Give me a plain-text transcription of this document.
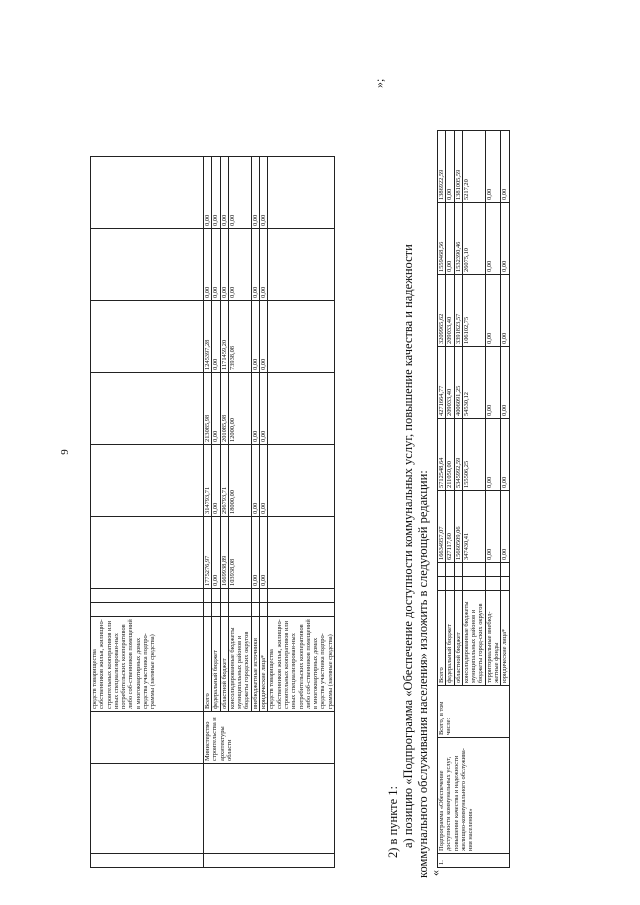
9
			средств товарищества собственников жилья, жилищно-строительных кооперативов или иных специализирован-ных потребительских кооперативов либо соб-ственников помещений в многоквартирных домах средства участника подпро-граммы (заемные средства)								
		Министерство строительства и архитектуры области	Всего			1775276,97	314793,71	213085,98	1245397,28	0,00	0,00
			федеральный бюджет			0,00	0,00	0,00	0,00	0,00	0,00
			областной бюджет			1669938,89	296793,71	201085,98	1171459,20	0,00	0,00
			консолидированные бюджеты муниципальных районов и бюджеты городских округов			103938,08	18000,00	12000,00	73938,08	0,00	0,00
			внебюджетные источники			0,00	0,00	0,00	0,00	0,00	0,00
			юридические лица*			0,00	0,00	0,00	0,00	0,00	0,00
			средств товарищества собственников жилья, жилищно-строительных кооперативов или иных специализирован-ных потребительских кооперативов либо соб-ственников помещений в многоквартирных домах средства участника подпро-граммы (заемные средства)								
»;
2) в пункте 1: а) позицию «Подпрограмма «Обеспечение доступности коммунальных услуг, повышение качества и надежности коммунального обслуживания населения» изложить в следующей редакции:
«
1.	Подпрограмма «Обеспечение доступности коммунальных услуг, повышение качества и надежности жилищно-коммунального обслужива-ния населения»	Всего, в том числе:	Всего			16634957,07	5712548,64	4271664,77	3209965,62	1559468,56	1386922,59
			федеральный бюджет			627117,60	211050,00	209033,40	209033,40	0,00	0,00
			областной бюджет			15660509,06	5345992,59	4006091,25	3391823,57	1532390,46	1381005,59
			консолидированные бюджеты муниципальных районов и бюджеты город-ских округов			347430,41	155506,25	54530,12	106102,75	26075,10	5217,20
			территориальные внебюд-жетные фонды			0,00	0,00	0,00	0,00	0,00	0,00
			юридические лица*			0,00	0,00	0,00	0,00	0,00	0,00
